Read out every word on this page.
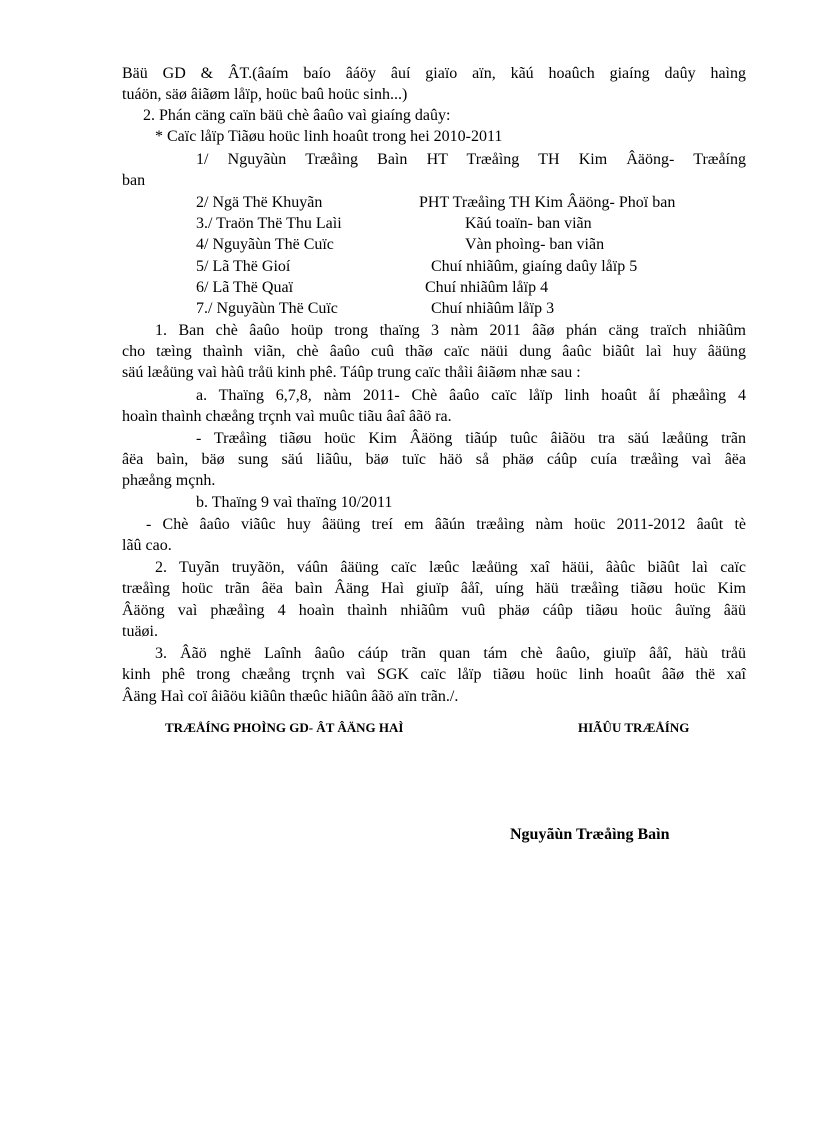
Bäü GD & ÂT.(âaím baío âáöy âuí giaïo aïn, kãú hoaûch giaíng daûy haìng

tuáön, säø âiãøm låïp, hoüc baû hoüc sinh...)

2. Phán cäng caïn bäü chè âaûo vaì giaíng daûy:

* Caïc låïp Tiãøu hoüc linh hoaût trong hei 2010-2011

1/ Nguyãùn Træåìng Baìn HT Træåìng TH Kim Âäöng- Træåíng

ban

2/ Ngä Thë Khuyãn	PHT Træåìng TH Kim Âäöng- Phoï ban
3./ Traön Thë Thu Laìi	Kãú toaïn- ban viãn
4/ Nguyãùn Thë Cuïc	Vàn phoìng- ban viãn
5/ Lã Thë Gioí	Chuí nhiãûm, giaíng daûy låïp 5
6/ Lã Thë Quaï	Chuí nhiãûm låïp 4
7./ Nguyãùn Thë Cuïc	Chuí nhiãûm låïp 3

1. Ban chè âaûo hoüp trong thaïng 3 nàm 2011 âãø phán cäng traïch nhiãûm

cho tæìng thaình viãn, chè âaûo cuû thãø caïc näüi dung âaûc biãût laì huy âäüng

säú læåüng vaì hàû tråü kinh phê. Táûp trung caïc thåìi âiãøm nhæ sau :

a. Thaïng 6,7,8, nàm 2011- Chè âaûo caïc låïp linh hoaût åí phæåìng 4

hoaìn thaình chæång trçnh vaì muûc tiãu âaî âãö ra.

- Træåìng tiãøu hoüc Kim Âäöng tiãúp tuûc âiãöu tra säú læåüng trãn

âëa baìn, bäø sung säú liãûu, bäø tuïc häö så phäø cáûp cuía træåìng vaì âëa

phæång mçnh.

b. Thaïng 9 vaì thaïng 10/2011

- Chè âaûo viãûc huy âäüng treí em âãún træåìng nàm hoüc 2011-2012 âaût tè

lãû cao.

2. Tuyãn truyãön, váûn âäüng caïc læûc læåüng xaî häüi, âàûc biãût laì caïc

træåìng hoüc trãn âëa baìn Âäng Haì giuïp âåî, uíng häü træåìng tiãøu hoüc Kim

Âäöng vaì phæåìng 4 hoaìn thaình nhiãûm vuû phäø cáûp tiãøu hoüc âuïng âäü

tuäøi.

3. Âãö nghë Laînh âaûo cáúp trãn quan tám chè âaûo, giuïp âåî, häù tråü

kinh phê trong chæång trçnh vaì SGK caïc låïp tiãøu hoüc linh hoaût âãø thë xaî

Âäng Haì coï âiãöu kiãûn thæûc hiãûn âãö aïn trãn./.

TRÆÅÍNG PHOÌNG GD- ÂT ÂÄNG HAÌ	HIÃÛU TRÆÅÍNG
Nguyãùn Træåìng Baìn
